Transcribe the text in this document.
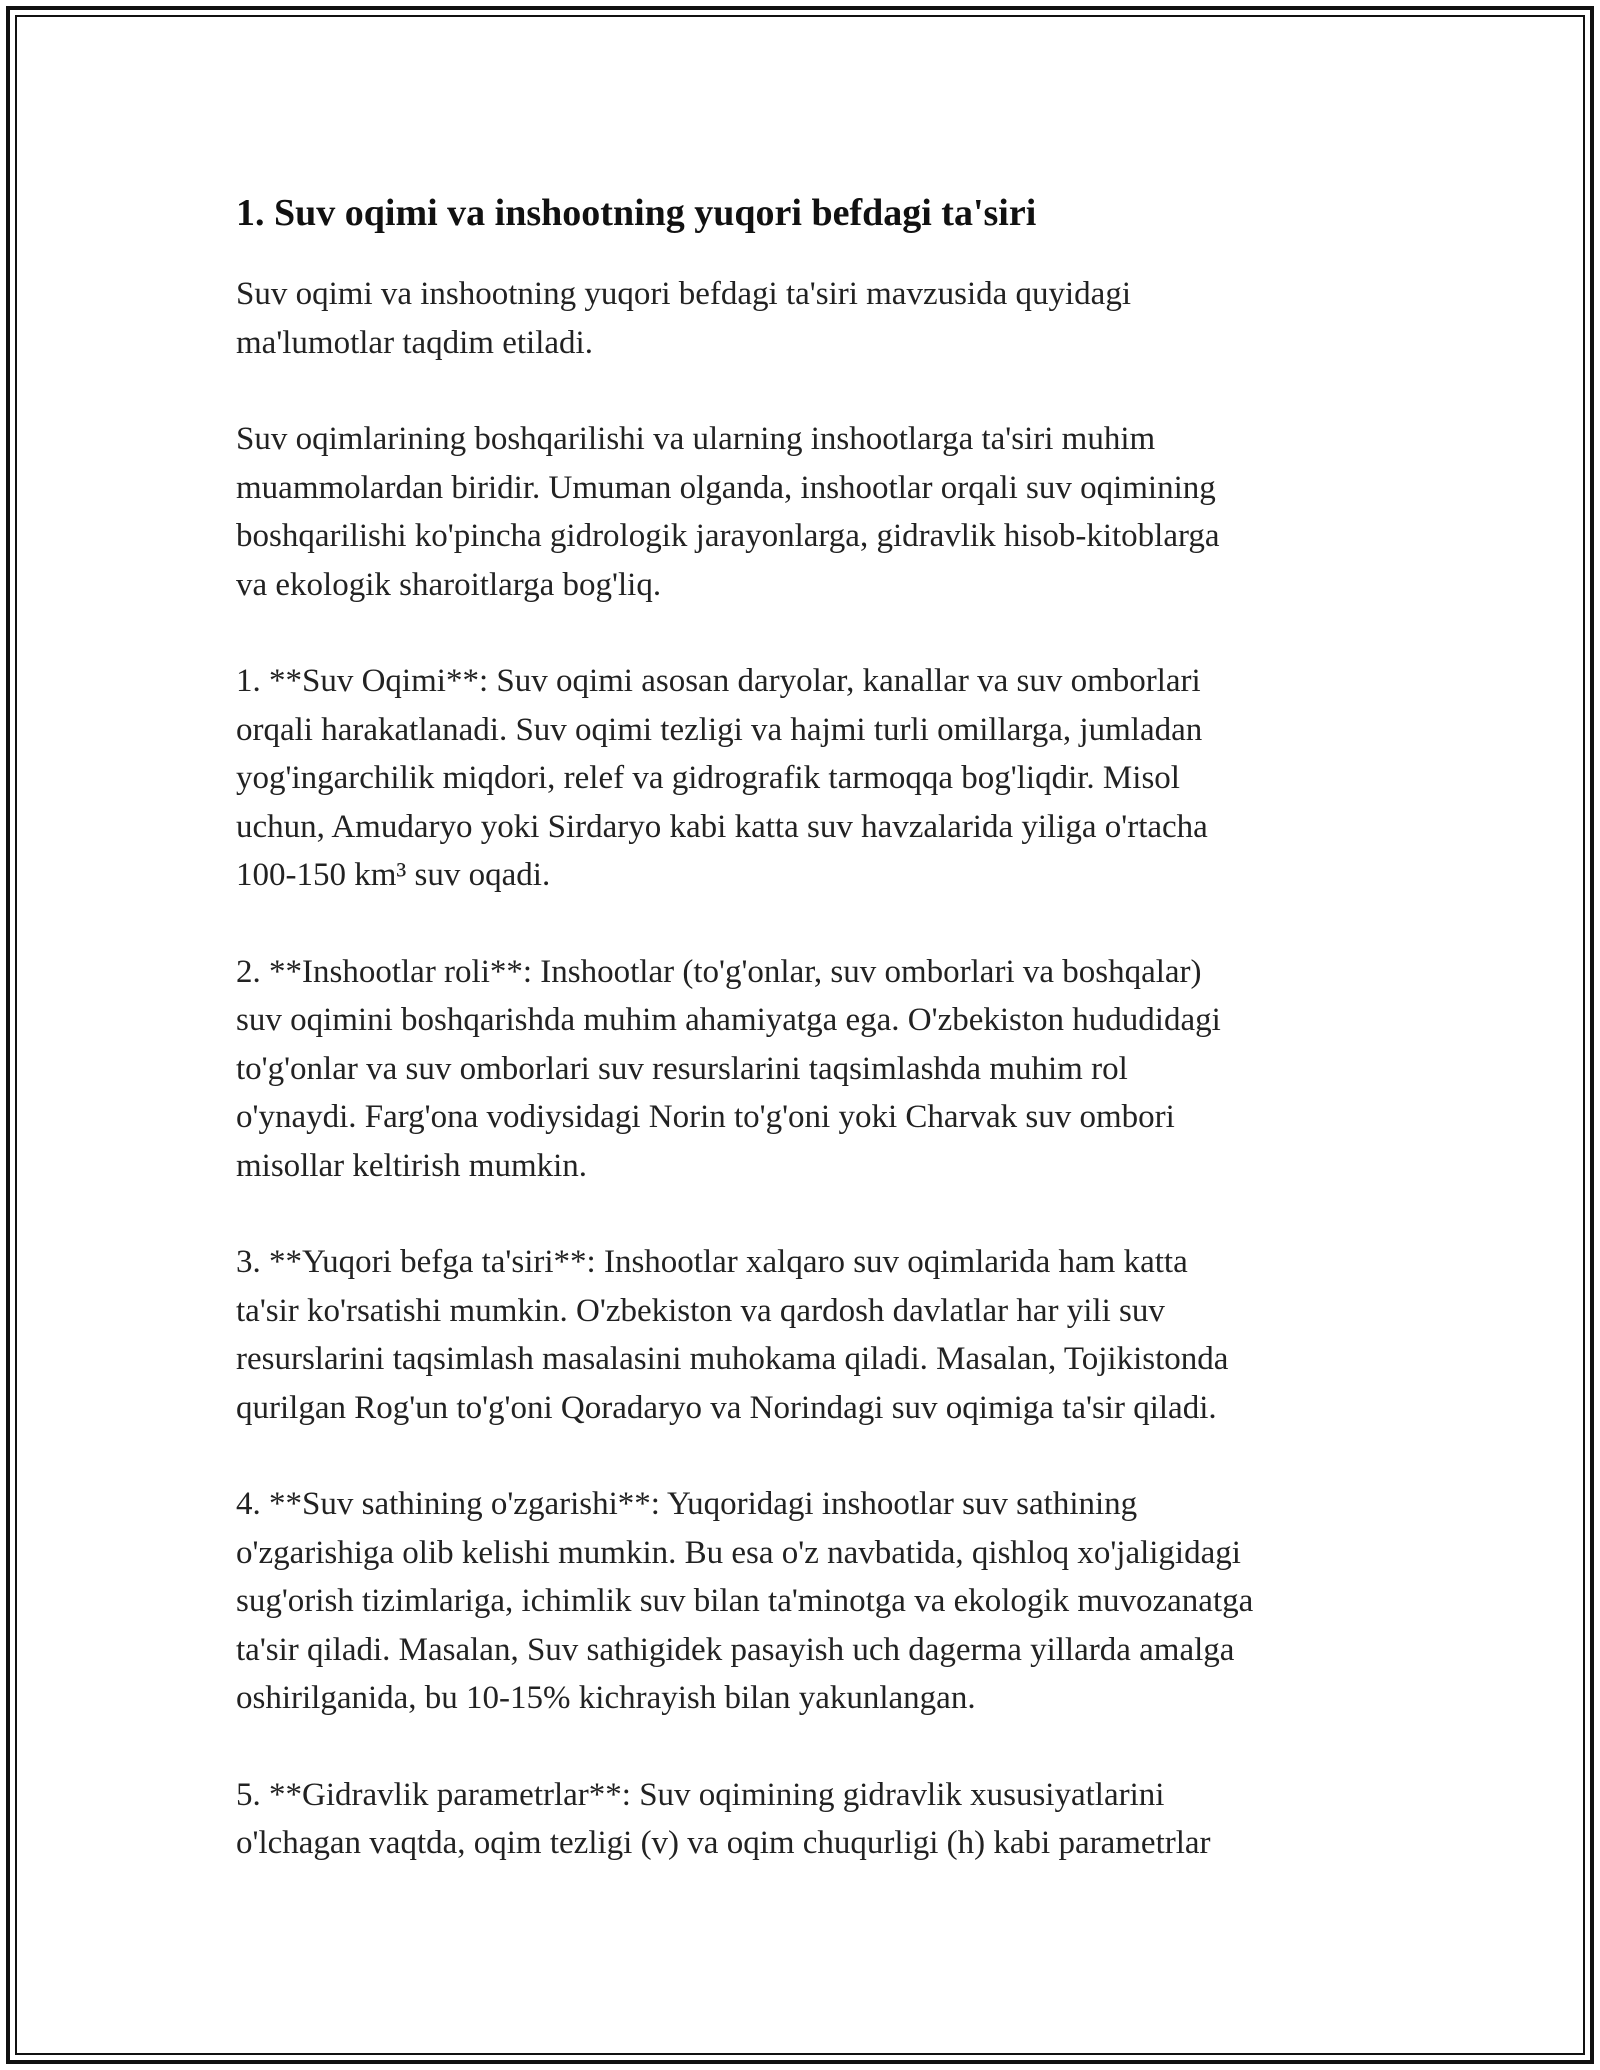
1. Suv oqimi va inshootning yuqori befdagi ta'siri

Suv oqimi va inshootning yuqori befdagi ta'siri mavzusida quyidagi
ma'lumotlar taqdim etiladi.

Suv oqimlarining boshqarilishi va ularning inshootlarga ta'siri muhim
muammolardan biridir. Umuman olganda, inshootlar orqali suv oqimining
boshqarilishi ko'pincha gidrologik jarayonlarga, gidravlik hisob-kitoblarga
va ekologik sharoitlarga bog'liq.

1. **Suv Oqimi**: Suv oqimi asosan daryolar, kanallar va suv omborlari
orqali harakatlanadi. Suv oqimi tezligi va hajmi turli omillarga, jumladan
yog'ingarchilik miqdori, relef va gidrografik tarmoqqa bog'liqdir. Misol
uchun, Amudaryo yoki Sirdaryo kabi katta suv havzalarida yiliga o'rtacha
100-150 km³ suv oqadi.

2. **Inshootlar roli**: Inshootlar (to'g'onlar, suv omborlari va boshqalar)
suv oqimini boshqarishda muhim ahamiyatga ega. O'zbekiston hududidagi
to'g'onlar va suv omborlari suv resurslarini taqsimlashda muhim rol
o'ynaydi. Farg'ona vodiysidagi Norin to'g'oni yoki Charvak suv ombori
misollar keltirish mumkin.

3. **Yuqori befga ta'siri**: Inshootlar xalqaro suv oqimlarida ham katta
ta'sir ko'rsatishi mumkin. O'zbekiston va qardosh davlatlar har yili suv
resurslarini taqsimlash masalasini muhokama qiladi. Masalan, Tojikistonda
qurilgan Rog'un to'g'oni Qoradaryo va Norindagi suv oqimiga ta'sir qiladi.

4. **Suv sathining o'zgarishi**: Yuqoridagi inshootlar suv sathining
o'zgarishiga olib kelishi mumkin. Bu esa o'z navbatida, qishloq xo'jaligidagi
sug'orish tizimlariga, ichimlik suv bilan ta'minotga va ekologik muvozanatga
ta'sir qiladi. Masalan, Suv sathigidek pasayish uch dagerma yillarda amalga
oshirilganida, bu 10-15% kichrayish bilan yakunlangan.

5. **Gidravlik parametrlar**: Suv oqimining gidravlik xususiyatlarini
o'lchagan vaqtda, oqim tezligi (v) va oqim chuqurligi (h) kabi parametrlar
